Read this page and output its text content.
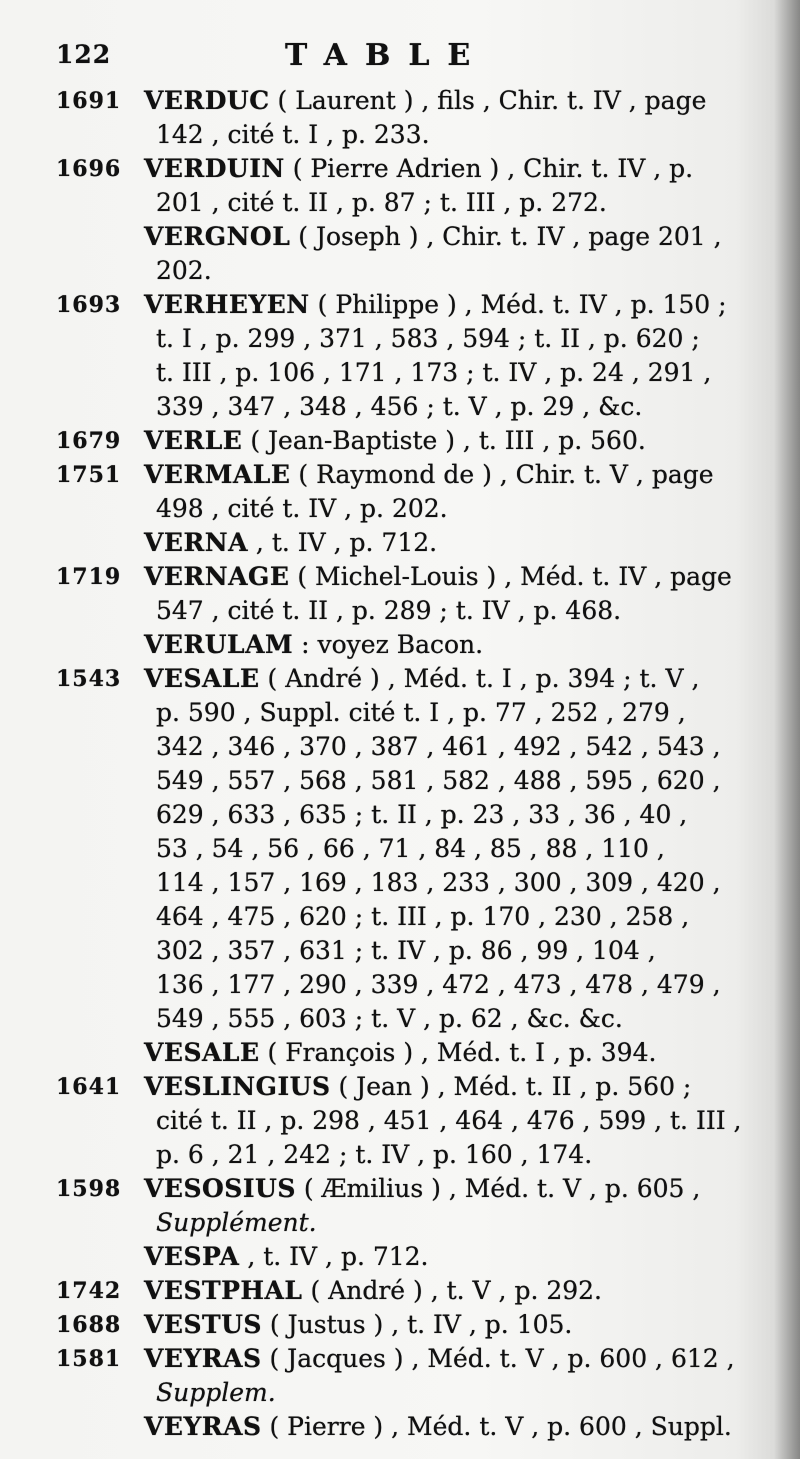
122	TABLE
1691 VERDUC ( Laurent ) , fils , Chir. t. IV , page
142 , cité t. I , p. 233.
1696 VERDUIN ( Pierre Adrien ) , Chir. t. IV , p.
201 , cité t. II , p. 87 ; t. III , p. 272.
VERGNOL ( Joseph ) , Chir. t. IV , page 201 ,
202.
1693 VERHEYEN ( Philippe ) , Méd. t. IV , p. 150 ;
t. I , p. 299 , 371 , 583 , 594 ; t. II , p. 620 ;
t. III , p. 106 , 171 , 173 ; t. IV , p. 24 , 291 ,
339 , 347 , 348 , 456 ; t. V , p. 29 , &c.
1679 VERLE ( Jean-Baptiste ) , t. III , p. 560.
1751 VERMALE ( Raymond de ) , Chir. t. V , page
498 , cité t. IV , p. 202.
VERNA , t. IV , p. 712.
1719 VERNAGE ( Michel-Louis ) , Méd. t. IV , page
547 , cité t. II , p. 289 ; t. IV , p. 468.
VERULAM : voyez Bacon.
1543 VESALE ( André ) , Méd. t. I , p. 394 ; t. V ,
p. 590 , Suppl. cité t. I , p. 77 , 252 , 279 ,
342 , 346 , 370 , 387 , 461 , 492 , 542 , 543 ,
549 , 557 , 568 , 581 , 582 , 488 , 595 , 620 ,
629 , 633 , 635 ; t. II , p. 23 , 33 , 36 , 40 ,
53 , 54 , 56 , 66 , 71 , 84 , 85 , 88 , 110 ,
114 , 157 , 169 , 183 , 233 , 300 , 309 , 420 ,
464 , 475 , 620 ; t. III , p. 170 , 230 , 258 ,
302 , 357 , 631 ; t. IV , p. 86 , 99 , 104 ,
136 , 177 , 290 , 339 , 472 , 473 , 478 , 479 ,
549 , 555 , 603 ; t. V , p. 62 , &c. &c.
VESALE ( François ) , Méd. t. I , p. 394.
1641 VESLINGIUS ( Jean ) , Méd. t. II , p. 560 ;
cité t. II , p. 298 , 451 , 464 , 476 , 599 , t. III ,
p. 6 , 21 , 242 ; t. IV , p. 160 , 174.
1598 VESOSIUS ( Æmilius ) , Méd. t. V , p. 605 ,
Supplément.
VESPA , t. IV , p. 712.
1742 VESTPHAL ( André ) , t. V , p. 292.
1688 VESTUS ( Justus ) , t. IV , p. 105.
1581 VEYRAS ( Jacques ) , Méd. t. V , p. 600 , 612 ,
Supplem.
VEYRAS ( Pierre ) , Méd. t. V , p. 600 , Suppl.
